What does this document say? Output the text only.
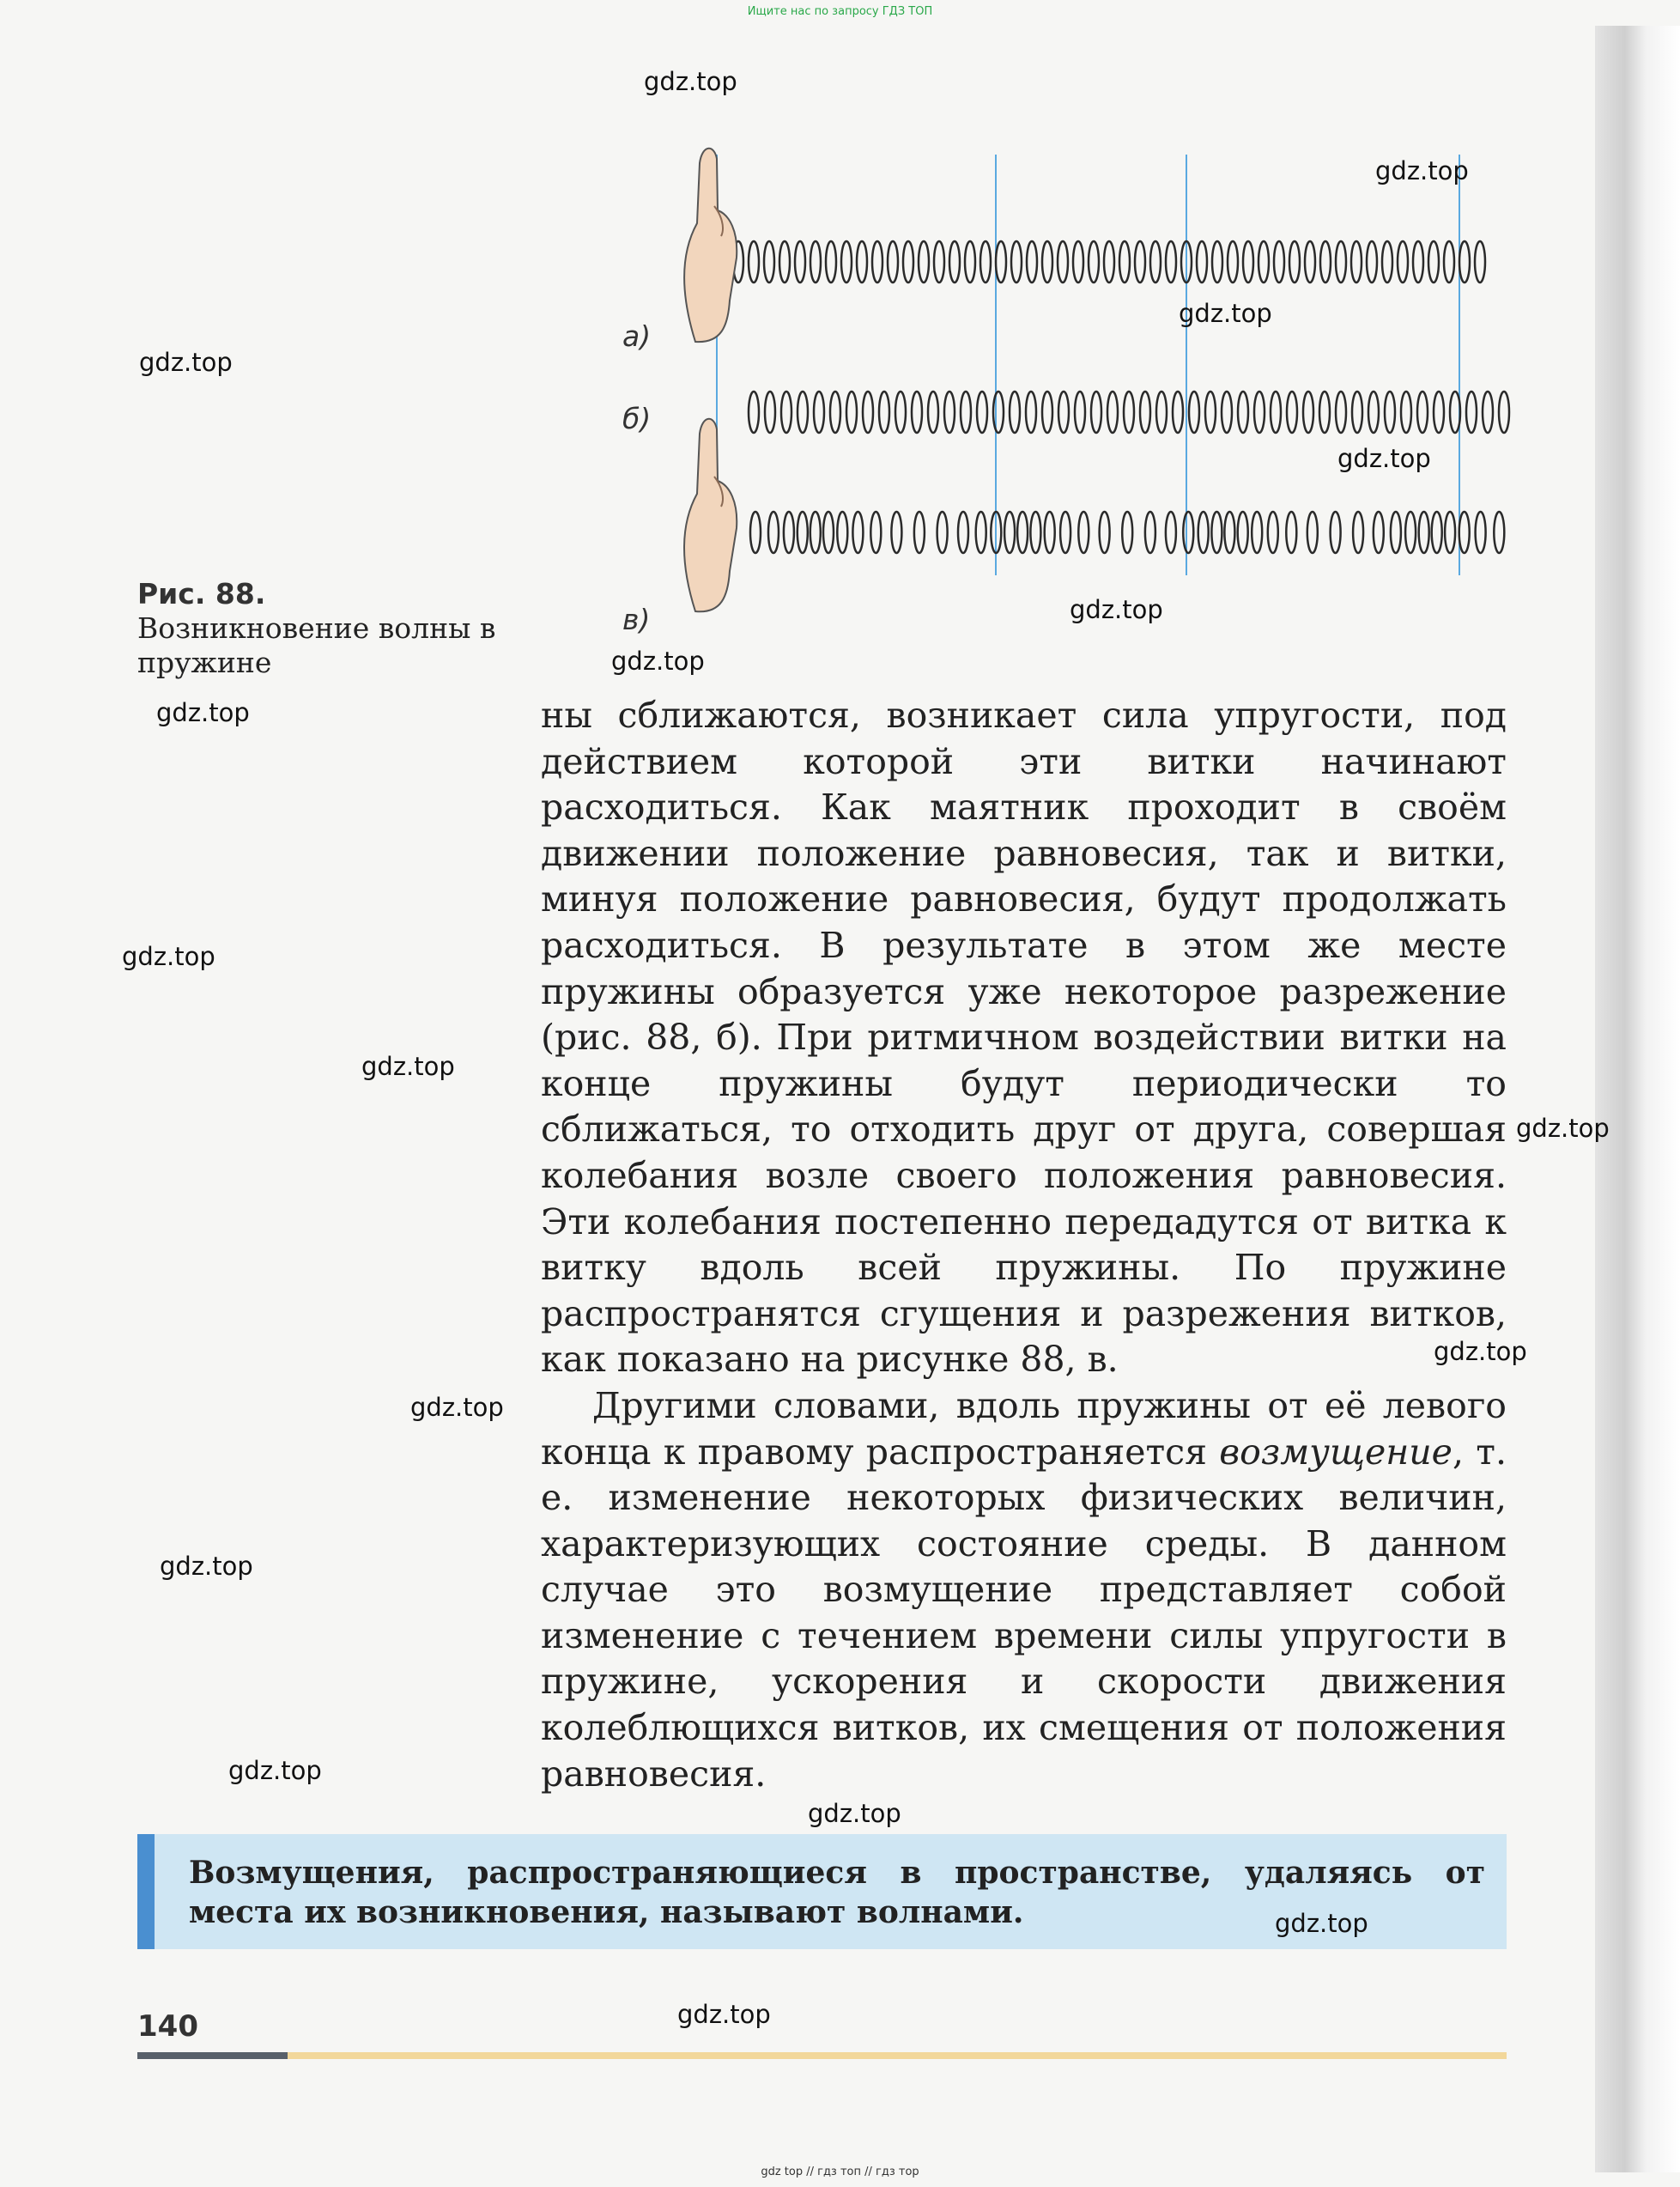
Ищите нас по запросу ГДЗ ТОП
а)
б)
в)
Рис. 88. Возникновение волны в пружине

ны сближаются, возникает сила упругости, под действием которой эти витки начинают расходиться. Как маятник проходит в своём движении положение равновесия, так и витки, минуя положение равновесия, будут продолжать расходиться. В результате в этом же месте пружины образуется уже некоторое разрежение (рис. 88, б). При ритмичном воздействии витки на конце пружины будут периодически то сближаться, то отходить друг от друга, совершая колебания возле своего положения равновесия. Эти колебания постепенно передадутся от витка к витку вдоль всей пружины. По пружине распространятся сгущения и разрежения витков, как показано на рисунке 88, в.

Другими словами, вдоль пружины от её левого конца к правому распространяется возмущение, т. е. изменение некоторых физических величин, характеризующих состояние среды. В данном случае это возмущение представляет собой изменение с течением времени силы упругости в пружине, ускорения и скорости движения колеблющихся витков, их смещения от положения равновесия.

Возмущения, распространяющиеся в пространстве, удаляясь от места их возникновения, называют волнами.
140
gdz.top
gdz.top
gdz.top
gdz.top
gdz.top
gdz.top
gdz.top
gdz.top
gdz.top
gdz.top
gdz.top
gdz.top
gdz.top
gdz.top
gdz.top
gdz.top
gdz.top
gdz.top
gdz top // гдз топ // гдз тор
